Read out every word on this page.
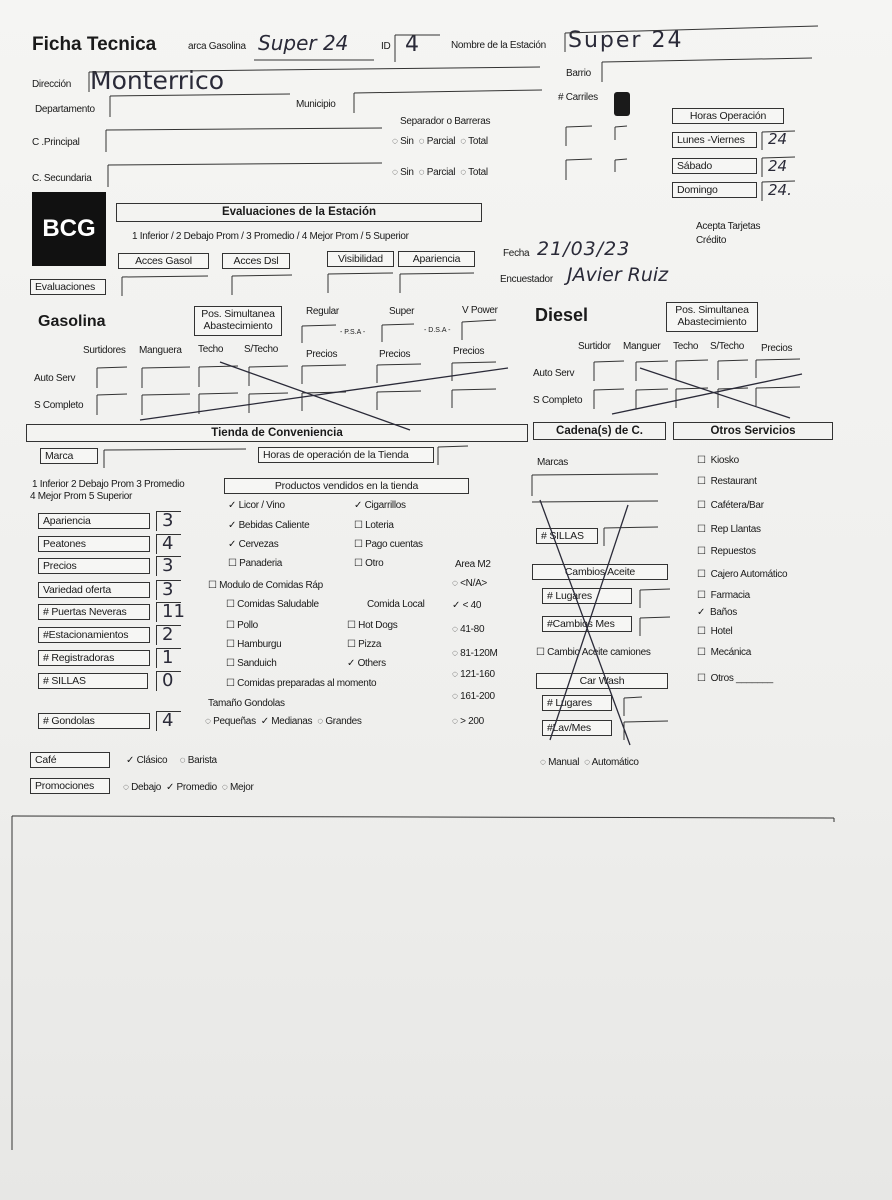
Ficha Tecnica	arca Gasolina Super 24	ID 4	Nombre de la Estación Super 24
Dirección Monterrico	Barrio
Departamento	Municipio
# Carriles
C .Principal
C. Secundaria
Separador o Barreras
◌ Sin  ◌ Parcial  ◌ Total
◌ Sin  ◌ Parcial  ◌ Total
Horas Operación
Lunes -Viernes	24
Sábado	24
Domingo	24.
BCG
Evaluaciones de la Estación
1 Inferior / 2 Debajo Prom / 3 Promedio / 4 Mejor Prom / 5 Superior
Acces Gasol	Acces Dsl	Visibilidad	Apariencia
Evaluaciones
Acepta Tarjetas
Crédito
Fecha 21/03/23
Encuestador JAvier Ruiz
Gasolina	Pos. Simultanea
Abastecimiento
Regular	Super	V Power
- P.S.A -	- D.S.A -
Surtidores Manguera Techo S/Techo	Precios	Precios	Precios
Auto Serv
S Completo
Diesel	Pos. Simultanea
Abastecimiento
Surtidor Manguer Techo S/Techo Precios
Auto Serv
S Completo
Tienda de Conveniencia	Cadena(s) de C.	Otros Servicios
Marca	Horas de operación de la Tienda
1 Inferior 2 Debajo Prom 3 Promedio
4 Mejor Prom 5 Superior
Productos vendidos en la tienda
Apariencia	3
Peatones	4
Precios	3
Variedad oferta	3
# Puertas Neveras	11
#Estacionamientos	2
# Registradoras	1
# SILLAS	0
# Gondolas	4
✓ Licor / Vino
✓ Bebidas Caliente
✓ Cervezas
☐ Panaderia
✓ Cigarrillos
☐ Loteria
☐ Pago cuentas
☐ Otro
☐ Modulo de Comidas Ráp
☐ Comidas Saludable	Comida Local
☐ Pollo
☐ Hamburgu
☐ Sanduich
☐ Hot Dogs
☐ Pizza
✓ Others
☐ Comidas preparadas al momento
Tamaño Gondolas
◌ Pequeñas  ✓ Medianas  ◌ Grandes
Area M2
◌ <N/A>
✓ < 40
◌ 41-80
◌ 81-120M
◌ 121-160
◌ 161-200
◌ > 200
Café	✓ Clásico     ◌ Barista
Promociones	◌ Debajo  ✓ Promedio  ◌ Mejor
Marcas
# SILLAS
Cambios Aceite
# Lugares
#Cambios Mes
☐ Cambio Aceite camiones
Car Wash
# Lugares
#Lav/Mes
◌ Manual  ◌ Automático
☐  Kiosko
☐  Restaurant
☐  Cafétera/Bar
☐  Rep Llantas
☐  Repuestos
☐  Cajero Automático
☐  Farmacia
✓  Baños
☐  Hotel
☐  Mecánica
☐  Otros _______
